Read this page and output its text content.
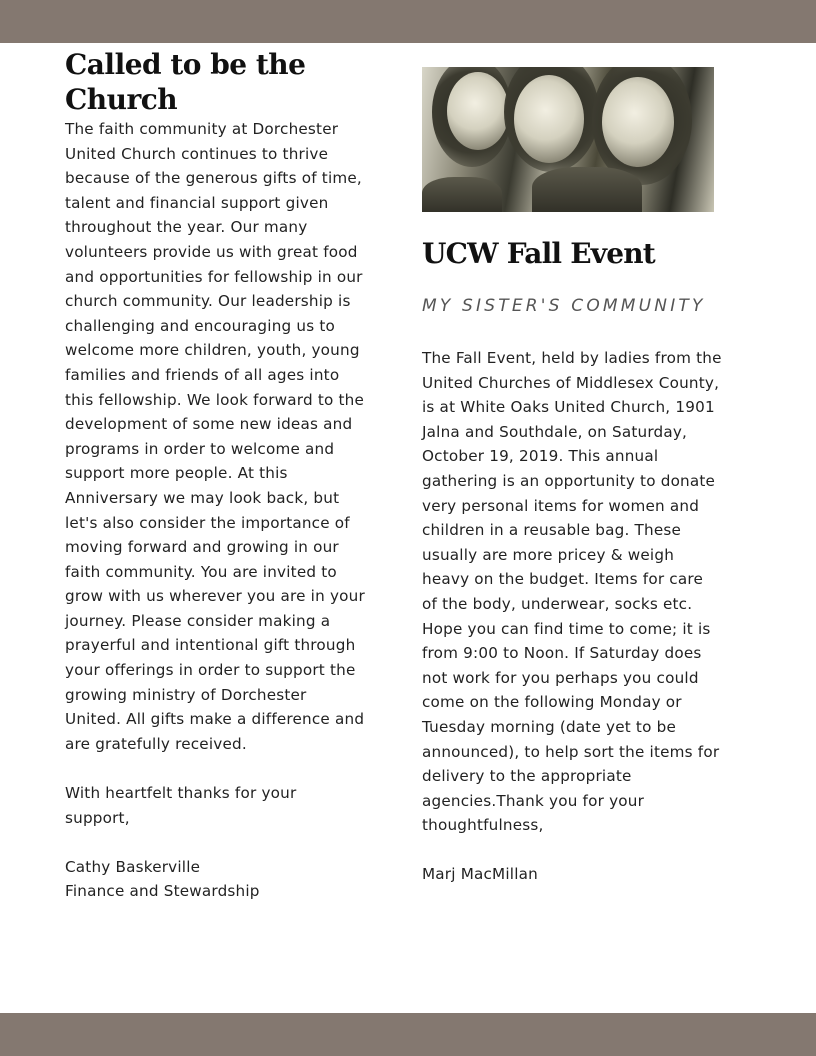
Called to be the Church

The faith community at Dorchester United Church continues to thrive because of the generous gifts of time, talent and financial support given throughout the year. Our many volunteers provide us with great food and opportunities for fellowship in our church community. Our leadership is challenging and encouraging us to welcome more children, youth, young families and friends of all ages into this fellowship. We look forward to the development of some new ideas and programs in order to welcome and support more people. At this Anniversary we may look back, but let's also consider the importance of moving forward and growing in our faith community. You are invited to grow with us wherever you are in your journey. Please consider making a prayerful and intentional gift through your offerings in order to support the growing ministry of Dorchester United. All gifts make a difference and are gratefully received.

With heartfelt thanks for your support,

Cathy Baskerville

Finance and Stewardship

UCW Fall Event

MY SISTER'S COMMUNITY

The Fall Event, held by ladies from the United Churches of Middlesex County, is at White Oaks United Church, 1901 Jalna and Southdale, on Saturday, October 19, 2019. This annual gathering is an opportunity to donate very personal items for women and children in a reusable bag. These usually are more pricey & weigh heavy on the budget. Items for care of the body, underwear, socks etc. Hope you can find time to come; it is from 9:00 to Noon. If Saturday does not work for you perhaps you could come on the following Monday or Tuesday morning (date yet to be announced), to help sort the items for delivery to the appropriate agencies.Thank you for your thoughtfulness,

Marj MacMillan
